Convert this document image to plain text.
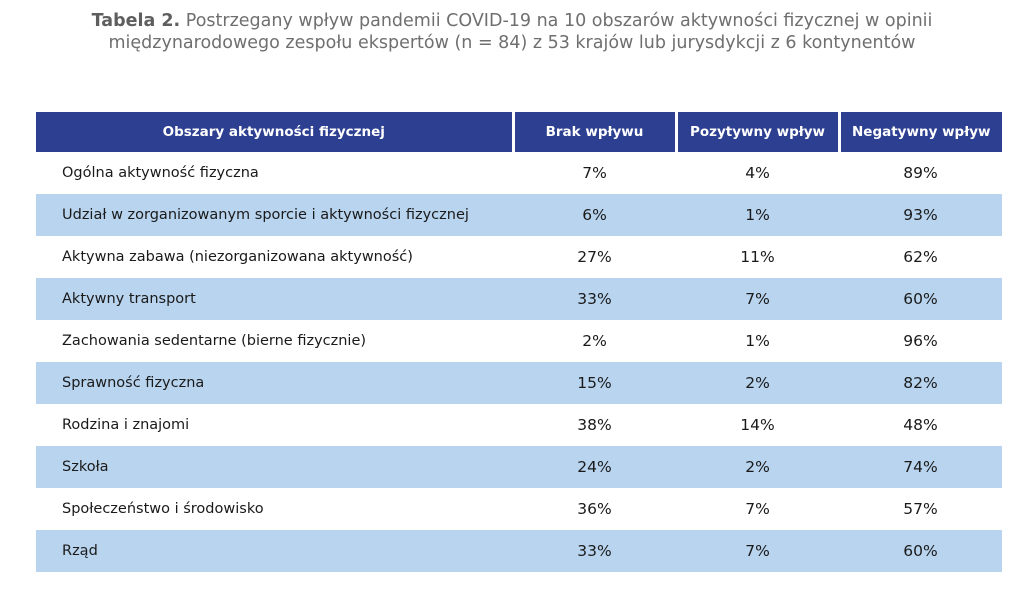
Tabela 2. Postrzegany wpływ pandemii COVID-19 na 10 obszarów aktywności fizycznej w opinii
międzynarodowego zespołu ekspertów (n = 84) z 53 krajów lub jurysdykcji z 6 kontynentów
Obszary aktywności fizycznej	Brak wpływu	Pozytywny wpływ	Negatywny wpływ
Ogólna aktywność fizyczna	7%	4%	89%
Udział w zorganizowanym sporcie i aktywności fizycznej	6%	1%	93%
Aktywna zabawa (niezorganizowana aktywność)	27%	11%	62%
Aktywny transport	33%	7%	60%
Zachowania sedentarne (bierne fizycznie)	2%	1%	96%
Sprawność fizyczna	15%	2%	82%
Rodzina i znajomi	38%	14%	48%
Szkoła	24%	2%	74%
Społeczeństwo i środowisko	36%	7%	57%
Rząd	33%	7%	60%
